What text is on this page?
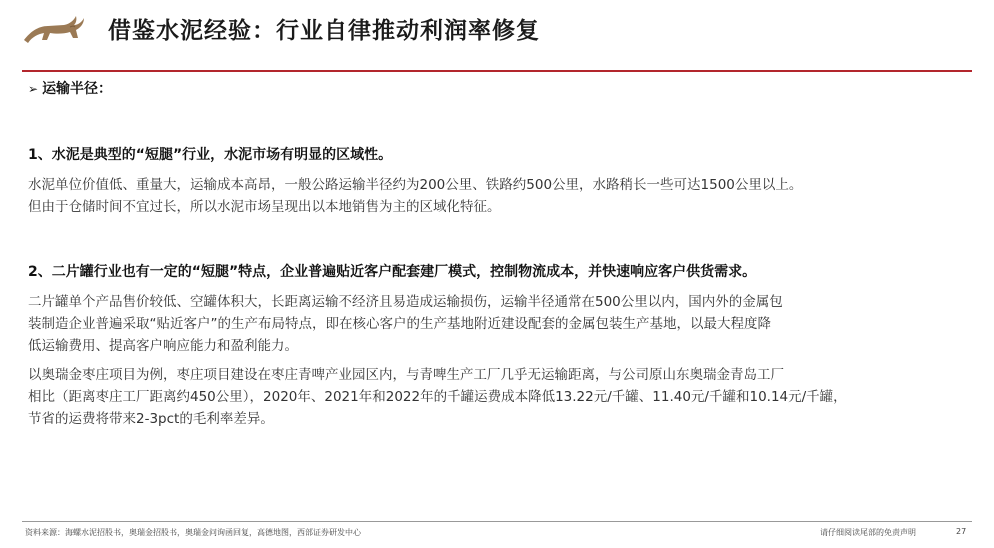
借鉴水泥经验：行业自律推动利润率修复
➢ 运输半径：
1、水泥是典型的“短腿”行业，水泥市场有明显的区域性。
水泥单位价值低、重量大，运输成本高昂，一般公路运输半径约为200公里、铁路约500公里，水路稍长一些可达1500公里以上。
但由于仓储时间不宜过长，所以水泥市场呈现出以本地销售为主的区域化特征。
2、二片罐行业也有一定的“短腿”特点，企业普遍贴近客户配套建厂模式，控制物流成本，并快速响应客户供货需求。
二片罐单个产品售价较低、空罐体积大，长距离运输不经济且易造成运输损伤，运输半径通常在500公里以内，国内外的金属包
装制造企业普遍采取“贴近客户”的生产布局特点，即在核心客户的生产基地附近建设配套的金属包装生产基地，以最大程度降
低运输费用、提高客户响应能力和盈利能力。
以奥瑞金枣庄项目为例，枣庄项目建设在枣庄青啤产业园区内，与青啤生产工厂几乎无运输距离，与公司原山东奥瑞金青岛工厂
相比（距离枣庄工厂距离约450公里），2020年、2021年和2022年的千罐运费成本降低13.22元/千罐、11.40元/千罐和10.14元/千罐，
节省的运费将带来2-3pct的毛利率差异。
资料来源：海螺水泥招股书，奥瑞金招股书，奥瑞金问询函回复，高德地图，西部证券研发中心	请仔细阅读尾部的免责声明	27
